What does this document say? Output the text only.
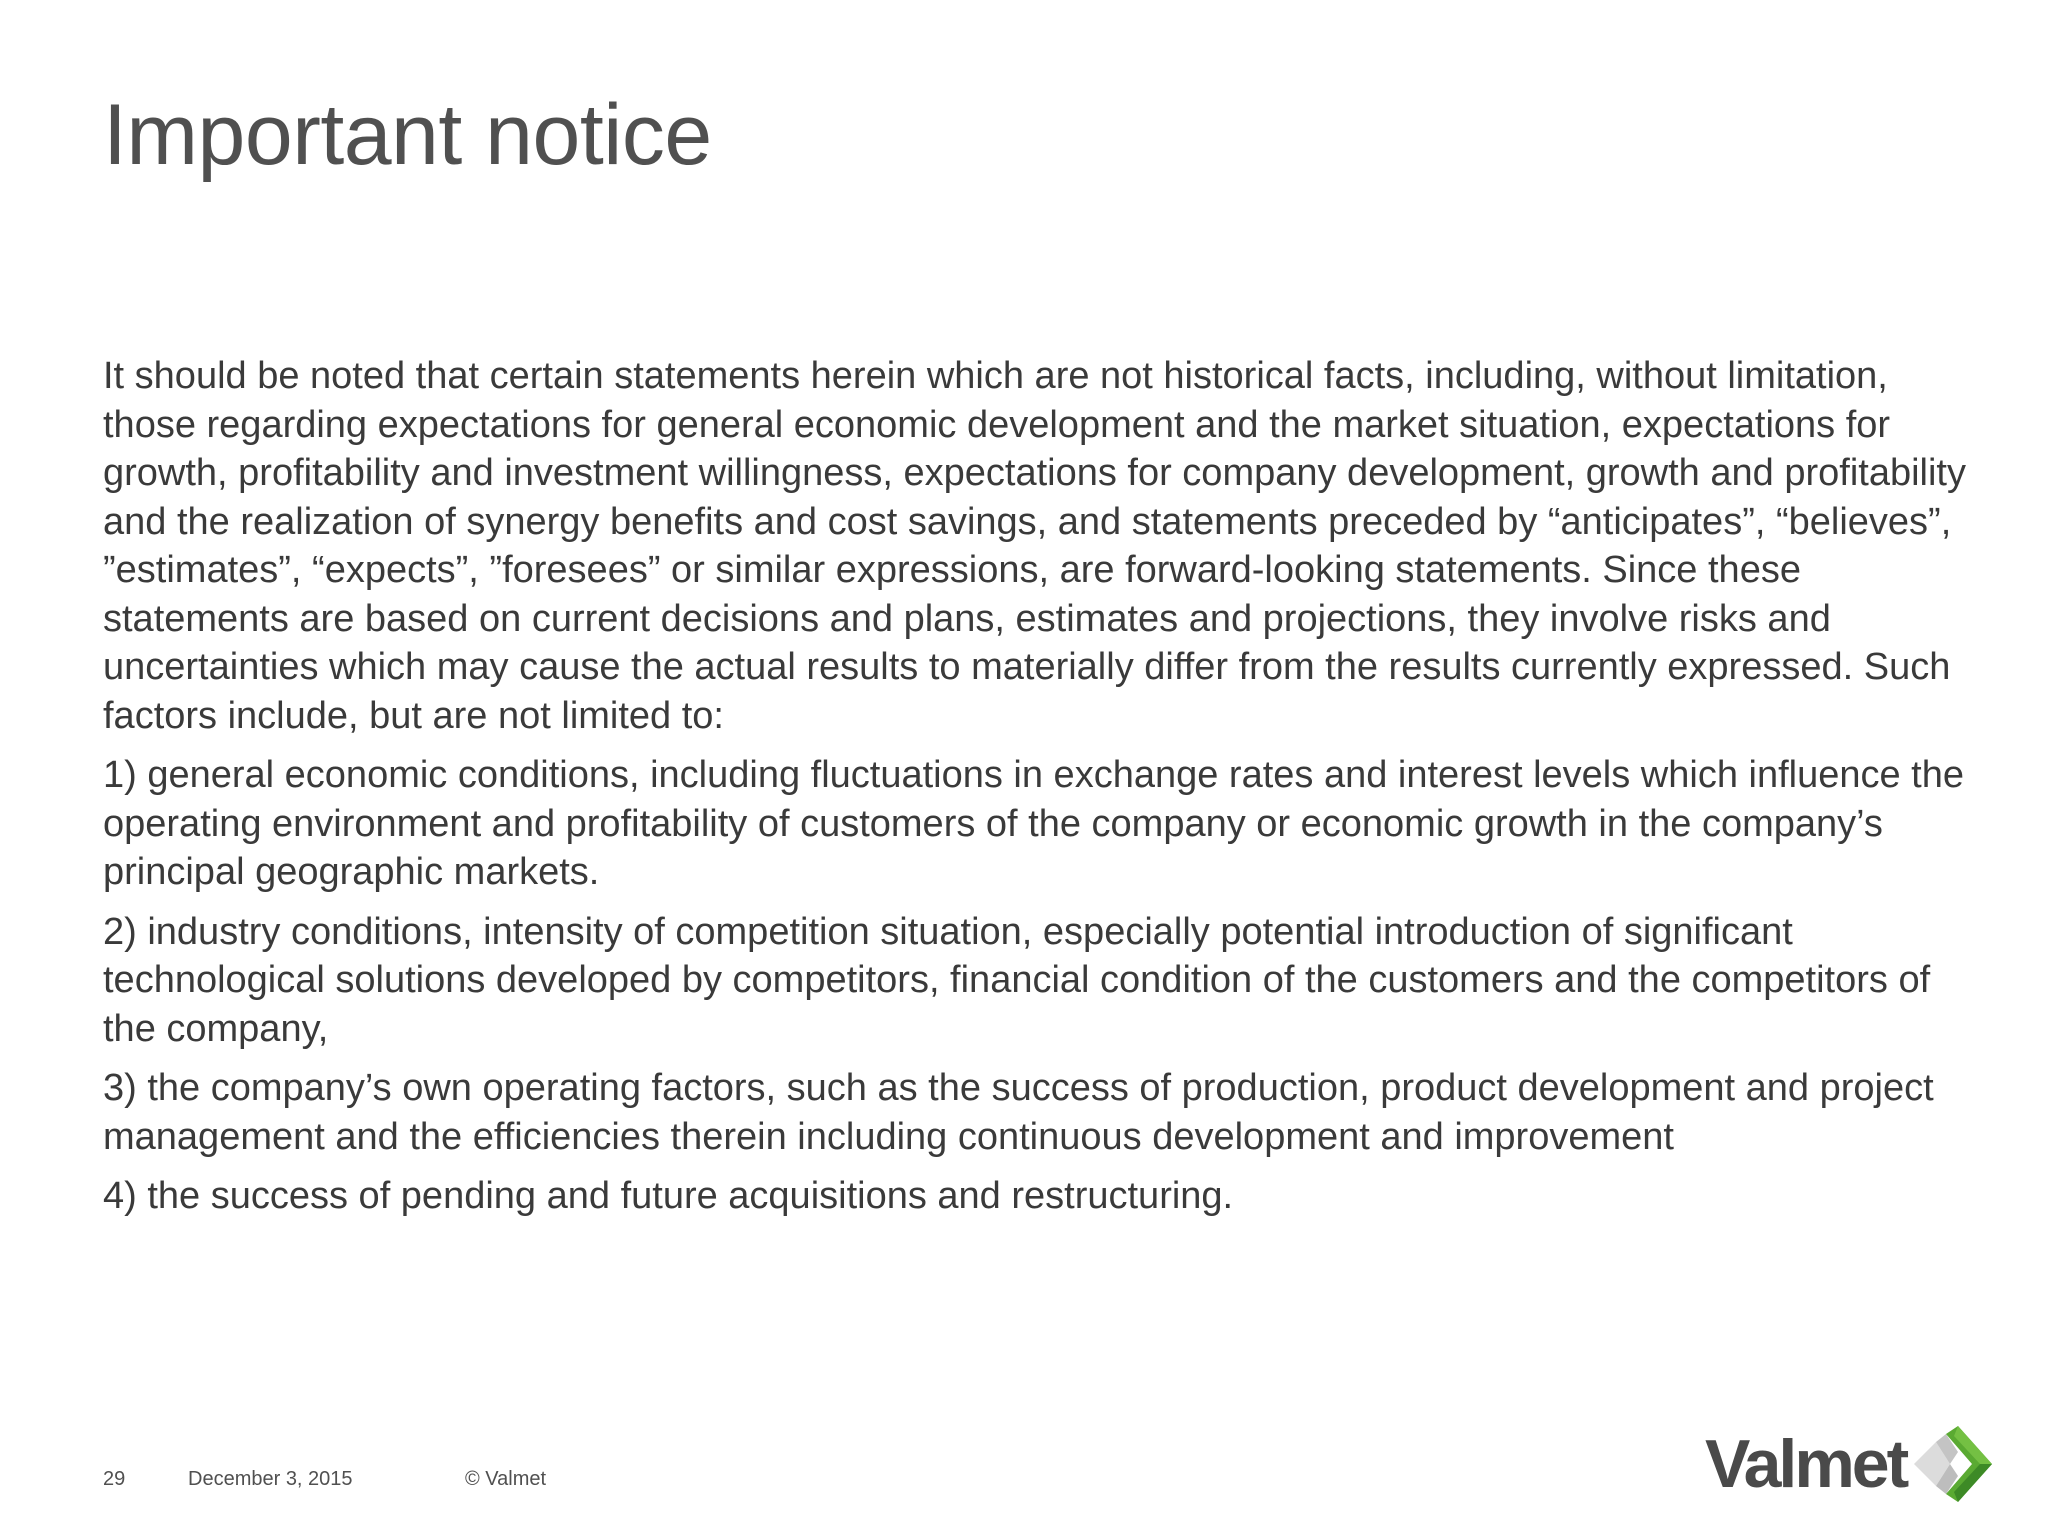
Important notice

It should be noted that certain statements herein which are not historical facts, including, without limitation, those regarding expectations for general economic development and the market situation, expectations for growth, profitability and investment willingness, expectations for company development, growth and profitability and the realization of synergy benefits and cost savings, and statements preceded by “anticipates”, “believes”, ”estimates”, “expects”, ”foresees” or similar expressions, are forward-looking statements. Since these statements are based on current decisions and plans, estimates and projections, they involve risks and uncertainties which may cause the actual results to materially differ from the results currently expressed. Such factors include, but are not limited to:

1) general economic conditions, including fluctuations in exchange rates and interest levels which influence the operating environment and profitability of customers of the company or economic growth in the company’s principal geographic markets.

2) industry conditions, intensity of competition situation, especially potential introduction of significant technological solutions developed by competitors, financial condition of the customers and the competitors of the company,

3) the company’s own operating factors, such as the success of production, product development and project management and the efficiencies therein including continuous development and improvement

4) the success of pending and future acquisitions and restructuring.

29	December 3, 2015	© Valmet	Valmet
